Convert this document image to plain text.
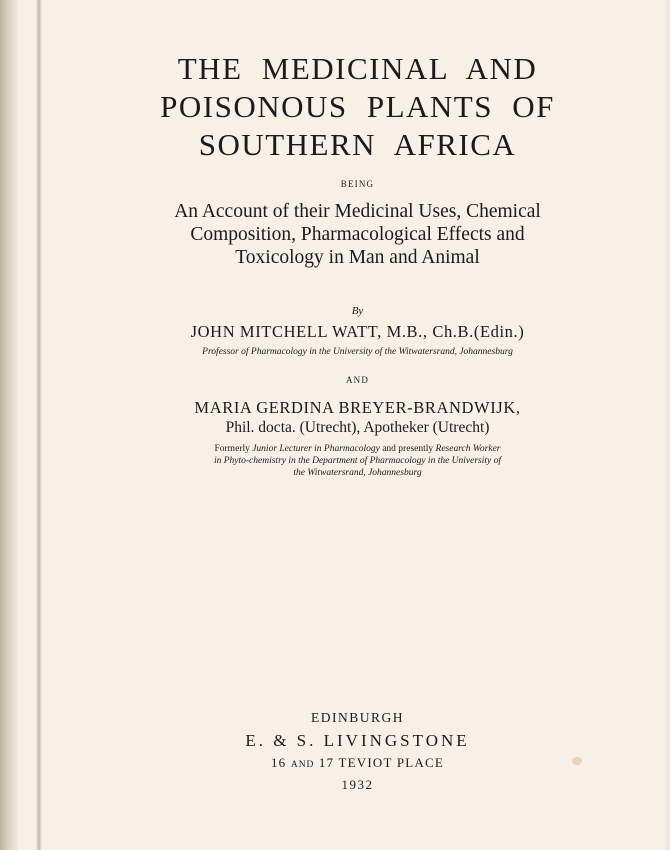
THE MEDICINAL AND
POISONOUS PLANTS OF
SOUTHERN AFRICA
BEING
An Account of their Medicinal Uses, Chemical
Composition, Pharmacological Effects and
Toxicology in Man and Animal
By
JOHN MITCHELL WATT, M.B., Ch.B.(Edin.)
Professor of Pharmacology in the University of the Witwatersrand, Johannesburg
AND
MARIA GERDINA BREYER-BRANDWIJK,
Phil. docta. (Utrecht), Apotheker (Utrecht)
Formerly Junior Lecturer in Pharmacology and presently Research Worker
in Phyto-chemistry in the Department of Pharmacology in the University of
the Witwatersrand, Johannesburg
EDINBURGH
E. & S. LIVINGSTONE
16 AND 17 TEVIOT PLACE
1932
